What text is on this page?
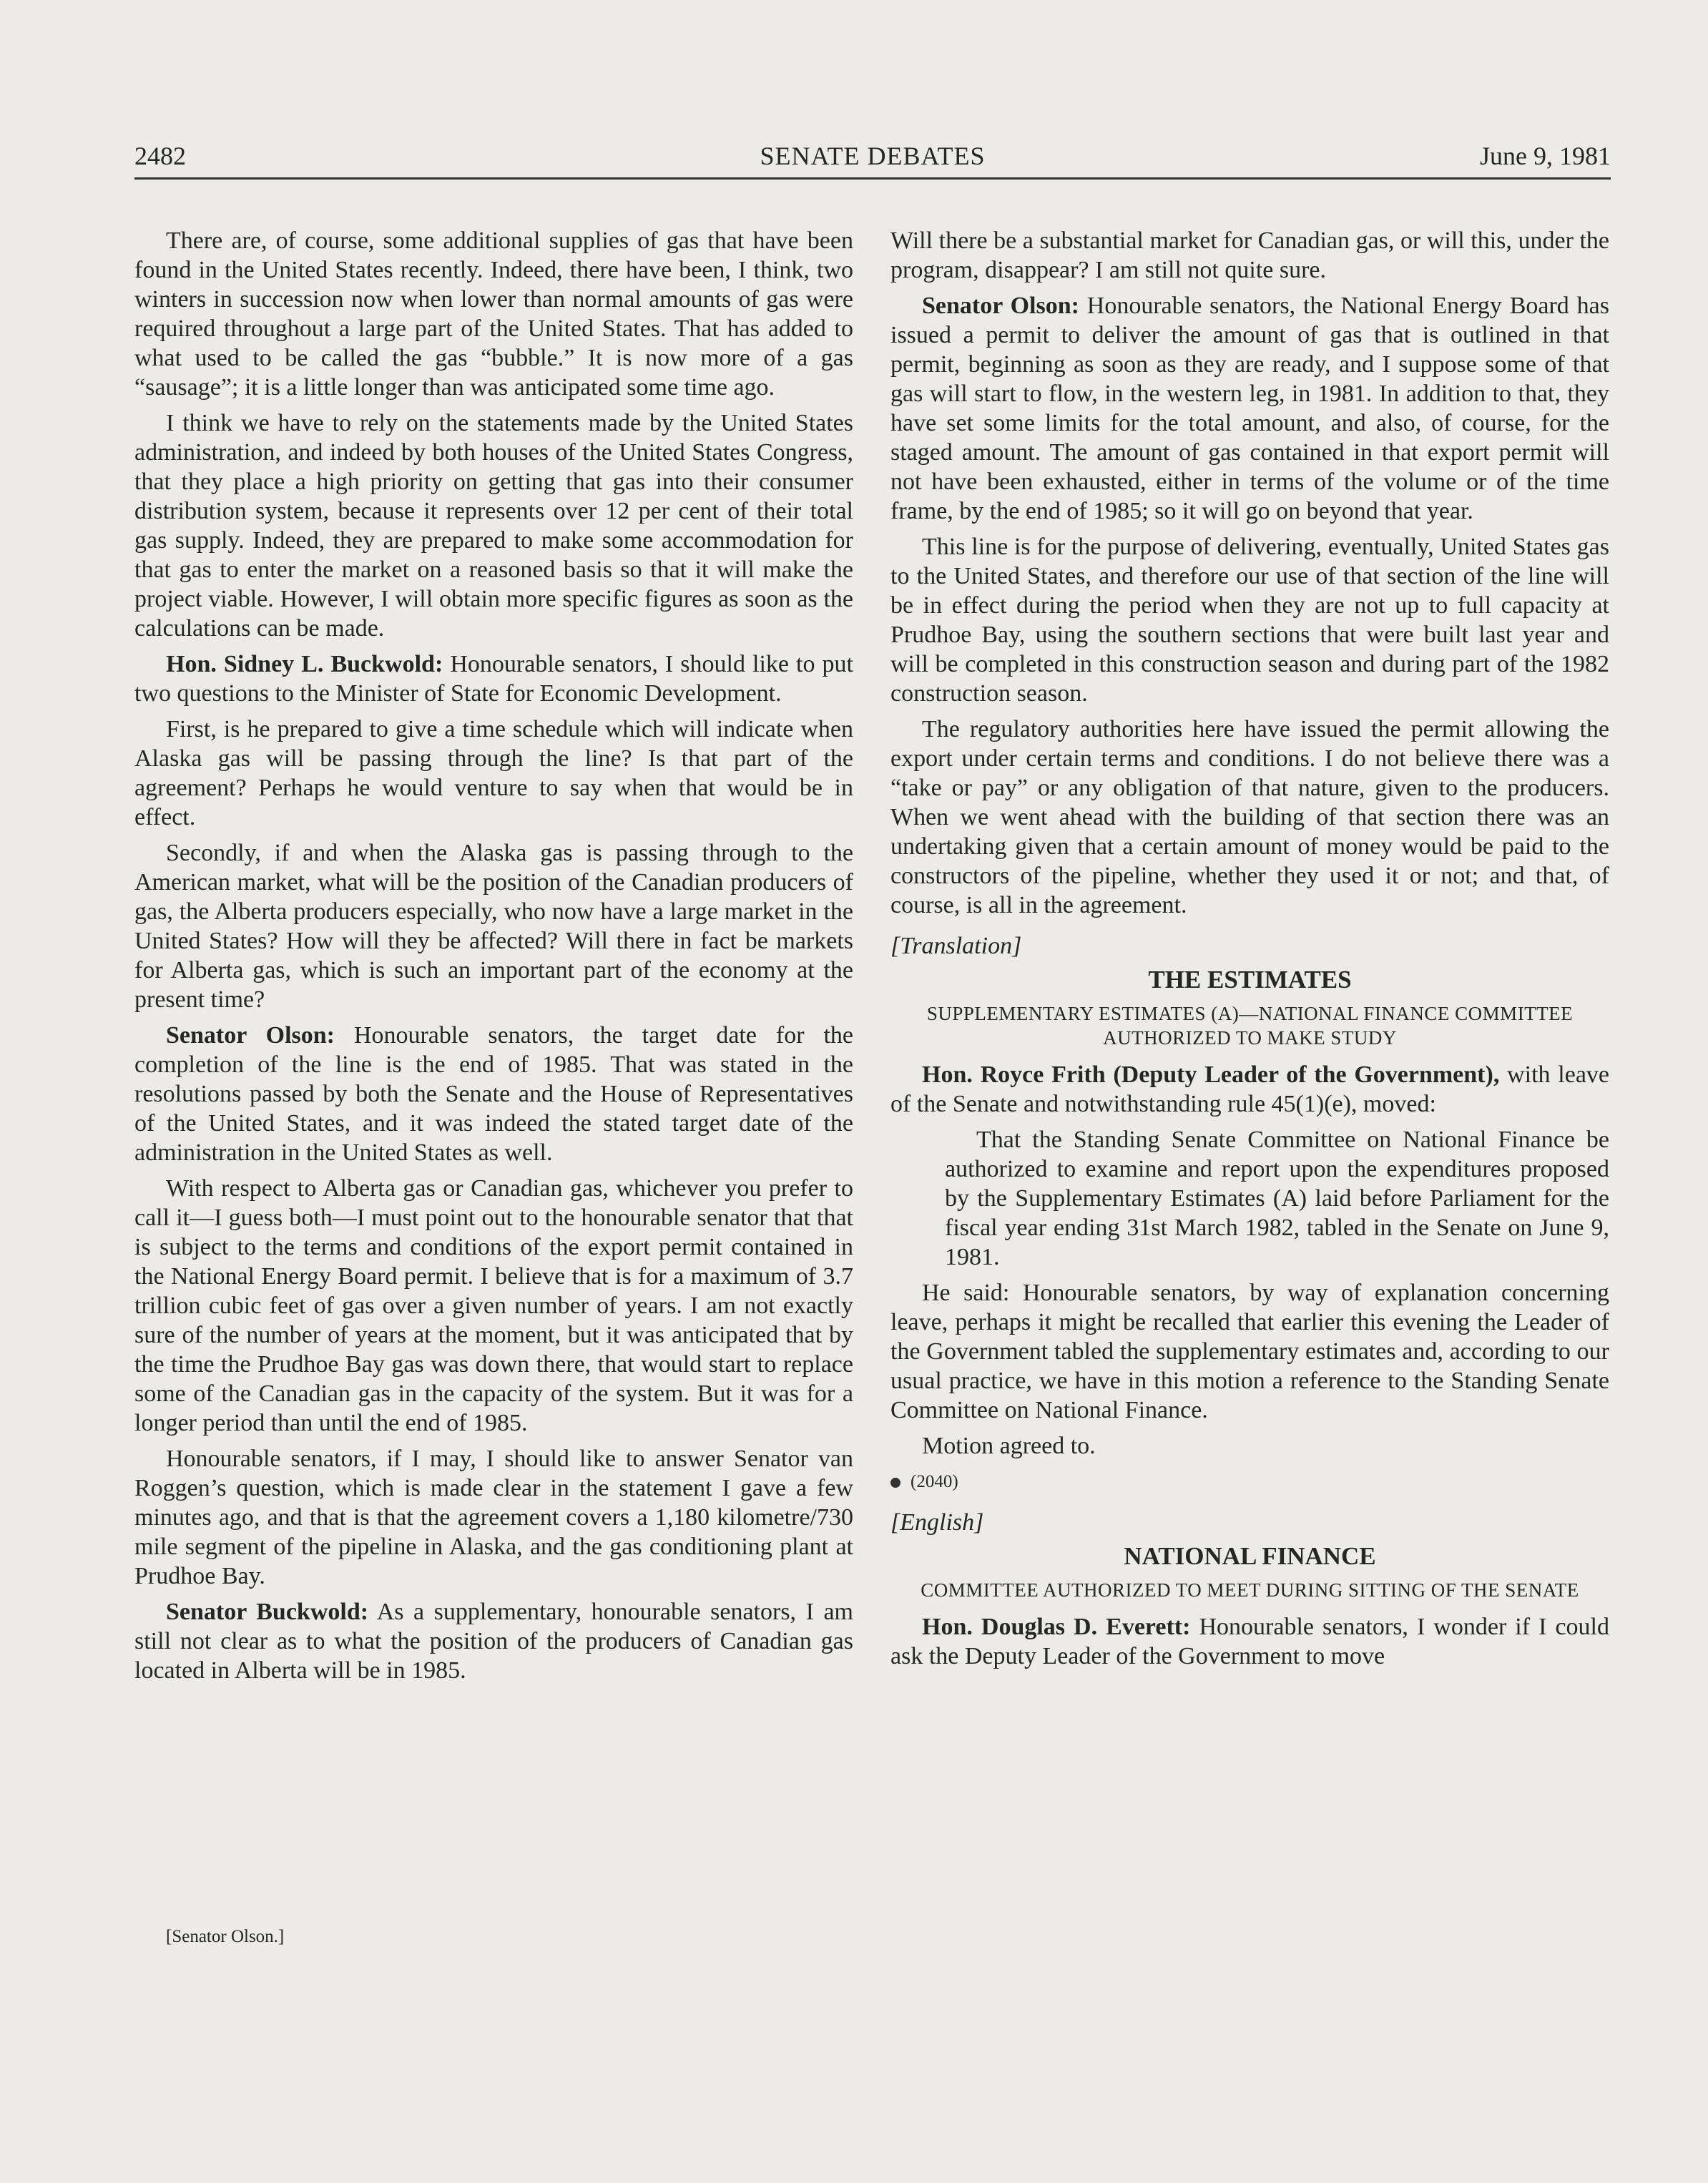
SENATE DEBATES
2482	June 9, 1981

There are, of course, some additional supplies of gas that have been found in the United States recently. Indeed, there have been, I think, two winters in succession now when lower than normal amounts of gas were required throughout a large part of the United States. That has added to what used to be called the gas “bubble.” It is now more of a gas “sausage”; it is a little longer than was anticipated some time ago.

I think we have to rely on the statements made by the United States administration, and indeed by both houses of the United States Congress, that they place a high priority on getting that gas into their consumer distribution system, because it represents over 12 per cent of their total gas supply. Indeed, they are prepared to make some accommodation for that gas to enter the market on a reasoned basis so that it will make the project viable. However, I will obtain more specific figures as soon as the calculations can be made.

Hon. Sidney L. Buckwold: Honourable senators, I should like to put two questions to the Minister of State for Economic Development.

First, is he prepared to give a time schedule which will indicate when Alaska gas will be passing through the line? Is that part of the agreement? Perhaps he would venture to say when that would be in effect.

Secondly, if and when the Alaska gas is passing through to the American market, what will be the position of the Canadian producers of gas, the Alberta producers especially, who now have a large market in the United States? How will they be affected? Will there in fact be markets for Alberta gas, which is such an important part of the economy at the present time?

Senator Olson: Honourable senators, the target date for the completion of the line is the end of 1985. That was stated in the resolutions passed by both the Senate and the House of Representatives of the United States, and it was indeed the stated target date of the administration in the United States as well.

With respect to Alberta gas or Canadian gas, whichever you prefer to call it—I guess both—I must point out to the honourable senator that that is subject to the terms and conditions of the export permit contained in the National Energy Board permit. I believe that is for a maximum of 3.7 trillion cubic feet of gas over a given number of years. I am not exactly sure of the number of years at the moment, but it was anticipated that by the time the Prudhoe Bay gas was down there, that would start to replace some of the Canadian gas in the capacity of the system. But it was for a longer period than until the end of 1985.

Honourable senators, if I may, I should like to answer Senator van Roggen’s question, which is made clear in the statement I gave a few minutes ago, and that is that the agreement covers a 1,180 kilometre/730 mile segment of the pipeline in Alaska, and the gas conditioning plant at Prudhoe Bay.

Senator Buckwold: As a supplementary, honourable senators, I am still not clear as to what the position of the producers of Canadian gas located in Alberta will be in 1985.

[Senator Olson.]

Will there be a substantial market for Canadian gas, or will this, under the program, disappear? I am still not quite sure.

Senator Olson: Honourable senators, the National Energy Board has issued a permit to deliver the amount of gas that is outlined in that permit, beginning as soon as they are ready, and I suppose some of that gas will start to flow, in the western leg, in 1981. In addition to that, they have set some limits for the total amount, and also, of course, for the staged amount. The amount of gas contained in that export permit will not have been exhausted, either in terms of the volume or of the time frame, by the end of 1985; so it will go on beyond that year.

This line is for the purpose of delivering, eventually, United States gas to the United States, and therefore our use of that section of the line will be in effect during the period when they are not up to full capacity at Prudhoe Bay, using the southern sections that were built last year and will be completed in this construction season and during part of the 1982 construction season.

The regulatory authorities here have issued the permit allowing the export under certain terms and conditions. I do not believe there was a “take or pay” or any obligation of that nature, given to the producers. When we went ahead with the building of that section there was an undertaking given that a certain amount of money would be paid to the constructors of the pipeline, whether they used it or not; and that, of course, is all in the agreement.

[Translation]

THE ESTIMATES
SUPPLEMENTARY ESTIMATES (A)—NATIONAL FINANCE COMMITTEE AUTHORIZED TO MAKE STUDY

Hon. Royce Frith (Deputy Leader of the Government), with leave of the Senate and notwithstanding rule 45(1)(e), moved:

That the Standing Senate Committee on National Finance be authorized to examine and report upon the expenditures proposed by the Supplementary Estimates (A) laid before Parliament for the fiscal year ending 31st March 1982, tabled in the Senate on June 9, 1981.

He said: Honourable senators, by way of explanation concerning leave, perhaps it might be recalled that earlier this evening the Leader of the Government tabled the supplementary estimates and, according to our usual practice, we have in this motion a reference to the Standing Senate Committee on National Finance.

Motion agreed to.

(2040)

[English]

NATIONAL FINANCE
COMMITTEE AUTHORIZED TO MEET DURING SITTING OF THE SENATE

Hon. Douglas D. Everett: Honourable senators, I wonder if I could ask the Deputy Leader of the Government to move
